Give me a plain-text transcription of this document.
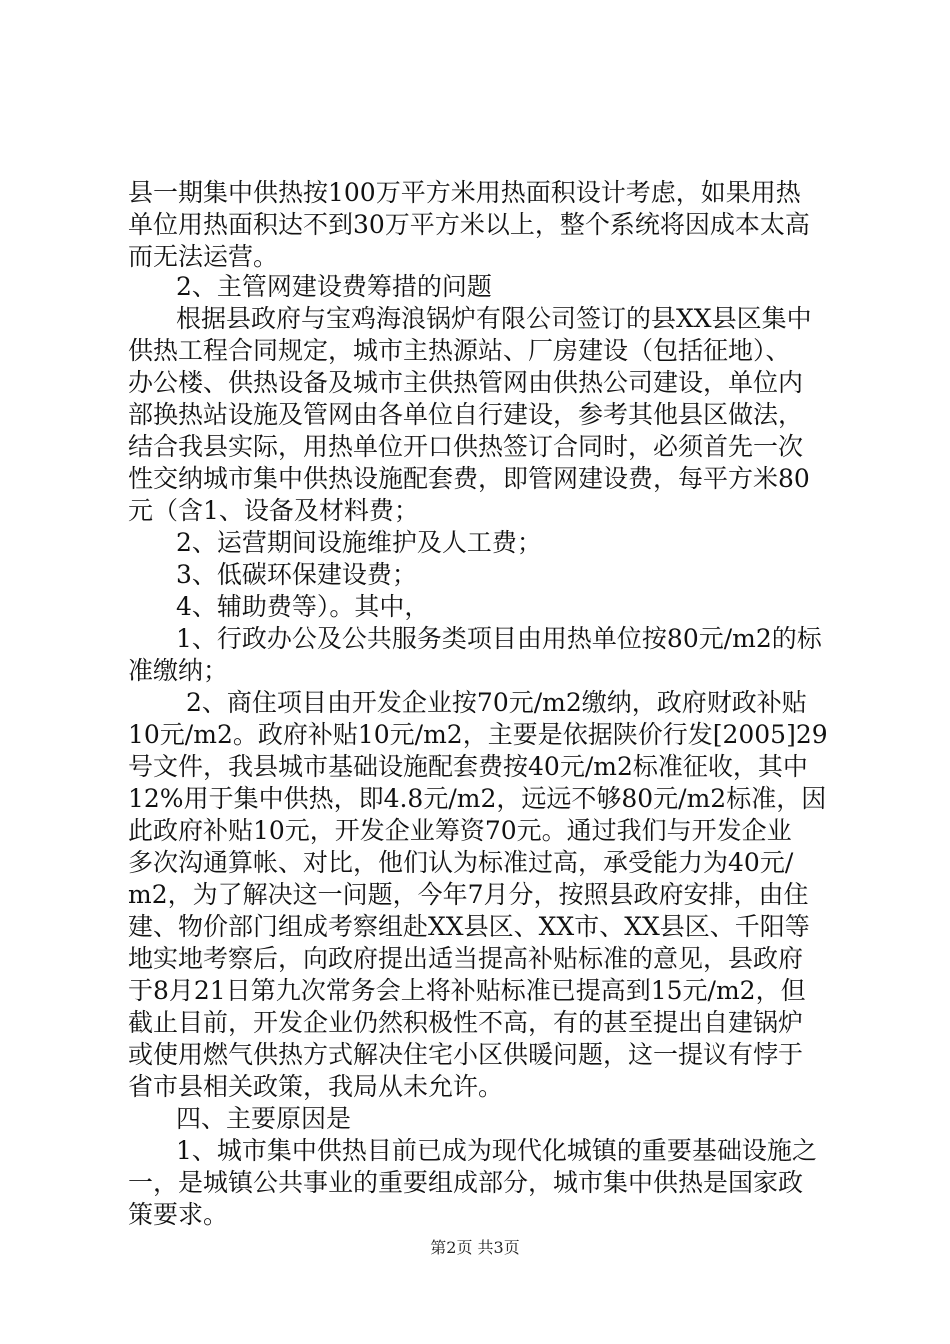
县一期集中供热按100万平方米用热面积设计考虑，如果用热
单位用热面积达不到30万平方米以上，整个系统将因成本太高
而无法运营。
2、主管网建设费筹措的问题
根据县政府与宝鸡海浪锅炉有限公司签订的县XX县区集中
供热工程合同规定，城市主热源站、厂房建设（包括征地）、
办公楼、供热设备及城市主供热管网由供热公司建设，单位内
部换热站设施及管网由各单位自行建设，参考其他县区做法，
结合我县实际，用热单位开口供热签订合同时，必须首先一次
性交纳城市集中供热设施配套费，即管网建设费，每平方米80
元（含1、设备及材料费；
2、运营期间设施维护及人工费；
3、低碳环保建设费；
4、辅助费等）。其中，
1、行政办公及公共服务类项目由用热单位按80元/m2的标
准缴纳；
2、商住项目由开发企业按70元/m2缴纳，政府财政补贴
10元/m2。政府补贴10元/m2，主要是依据陕价行发[2005]29
号文件，我县城市基础设施配套费按40元/m2标准征收，其中
12%用于集中供热，即4.8元/m2，远远不够80元/m2标准，因
此政府补贴10元，开发企业筹资70元。通过我们与开发企业
多次沟通算帐、对比，他们认为标准过高，承受能力为40元/
m2，为了解决这一问题，今年7月分，按照县政府安排，由住
建、物价部门组成考察组赴XX县区、XX市、XX县区、千阳等
地实地考察后，向政府提出适当提高补贴标准的意见，县政府
于8月21日第九次常务会上将补贴标准已提高到15元/m2，但
截止目前，开发企业仍然积极性不高，有的甚至提出自建锅炉
或使用燃气供热方式解决住宅小区供暖问题，这一提议有悖于
省市县相关政策，我局从未允许。
四、主要原因是
1、城市集中供热目前已成为现代化城镇的重要基础设施之
一，是城镇公共事业的重要组成部分，城市集中供热是国家政
策要求。
第2页 共3页
